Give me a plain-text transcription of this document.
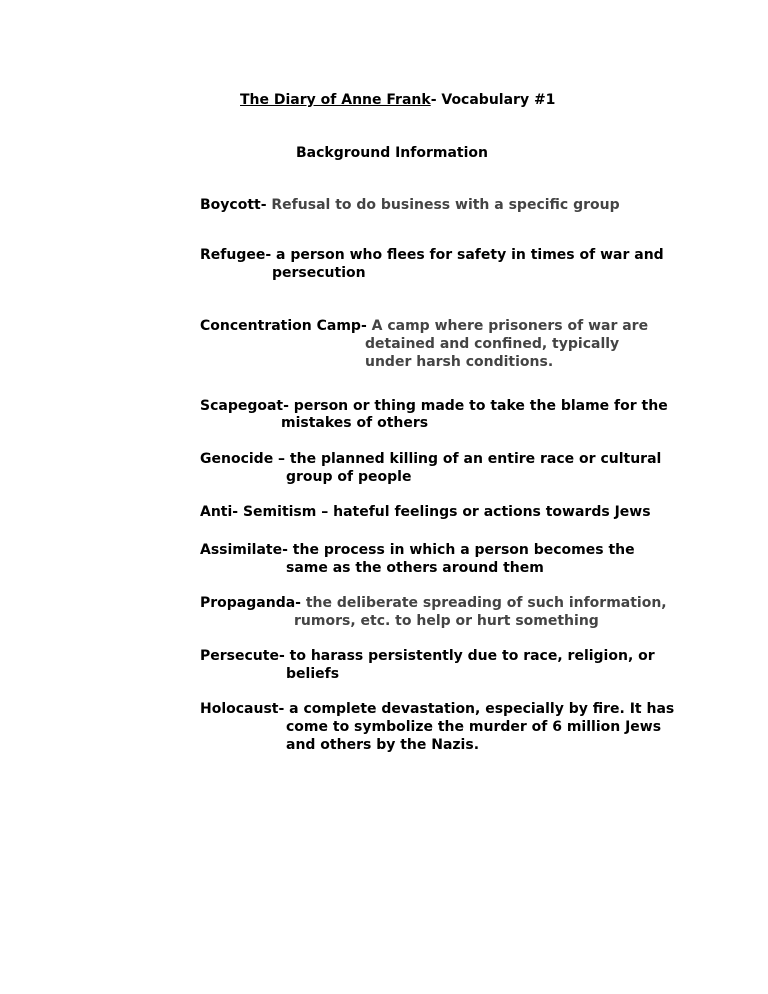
The Diary of Anne Frank- Vocabulary #1
Background Information
Boycott- Refusal to do business with a specific group
Refugee- a person who flees for safety in times of war and
persecution
Concentration Camp- A camp where prisoners of war are
detained and confined, typically
under harsh conditions.
Scapegoat- person or thing made to take the blame for the
mistakes of others
Genocide – the planned killing of an entire race or cultural
group of people
Anti- Semitism – hateful feelings or actions towards Jews
Assimilate- the process in which a person becomes the
same as the others around them
Propaganda- the deliberate spreading of such information,
rumors, etc. to help or hurt something
Persecute- to harass persistently due to race, religion, or
beliefs
Holocaust- a complete devastation, especially by fire. It has
come to symbolize the murder of 6 million Jews
and others by the Nazis.
